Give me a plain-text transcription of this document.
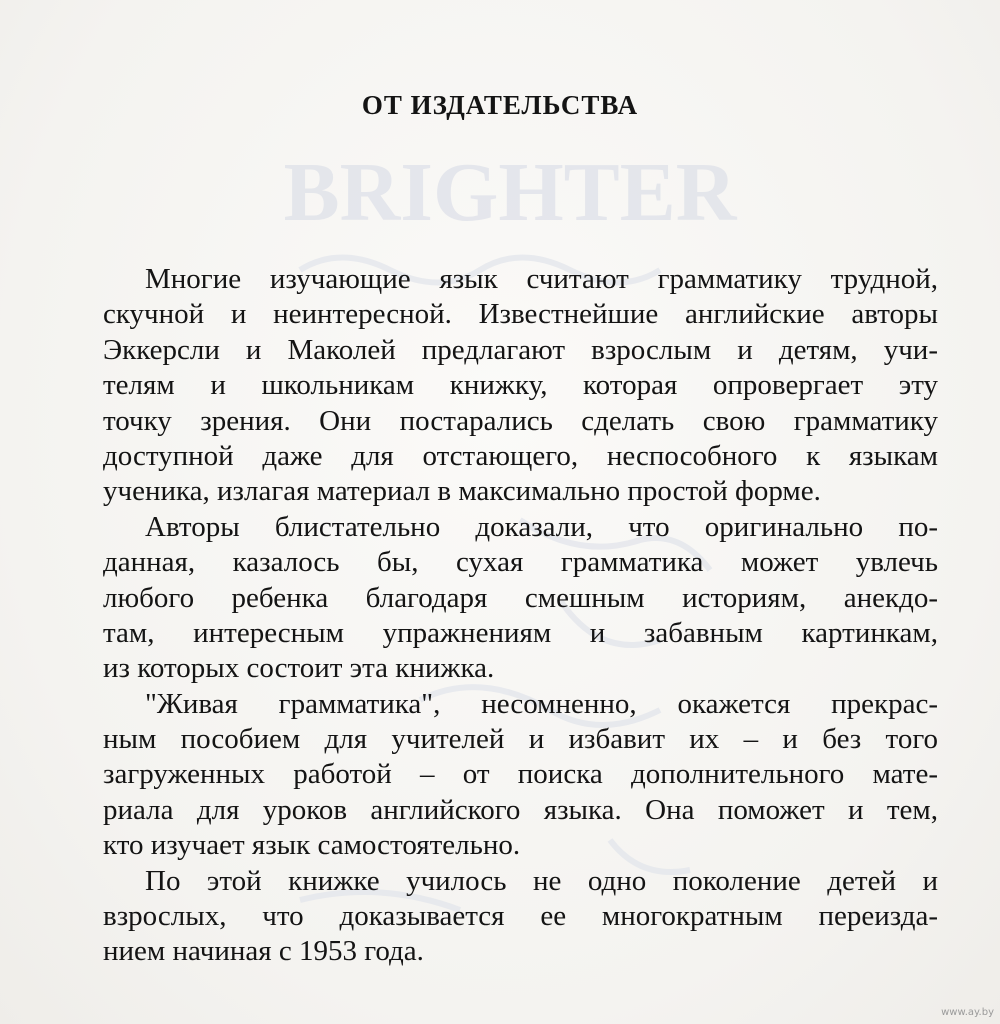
BRIGHTER
ОТ ИЗДАТЕЛЬСТВА
Многие изучающие язык считают грамматику трудной,
скучной и неинтересной. Известнейшие английские авторы
Эккерсли и Маколей предлагают взрослым и детям, учи-
телям и школьникам книжку, которая опровергает эту
точку зрения. Они постарались сделать свою грамматику
доступной даже для отстающего, неспособного к языкам
ученика, излагая материал в максимально простой форме.
Авторы блистательно доказали, что оригинально по-
данная, казалось бы, сухая грамматика может увлечь
любого ребенка благодаря смешным историям, анекдо-
там, интересным упражнениям и забавным картинкам,
из которых состоит эта книжка.
"Живая грамматика", несомненно, окажется прекрас-
ным пособием для учителей и избавит их – и без того
загруженных работой – от поиска дополнительного мате-
риала для уроков английского языка. Она поможет и тем,
кто изучает язык самостоятельно.
По этой книжке училось не одно поколение детей и
взрослых, что доказывается ее многократным переизда-
нием начиная с 1953 года.

www.ay.by
